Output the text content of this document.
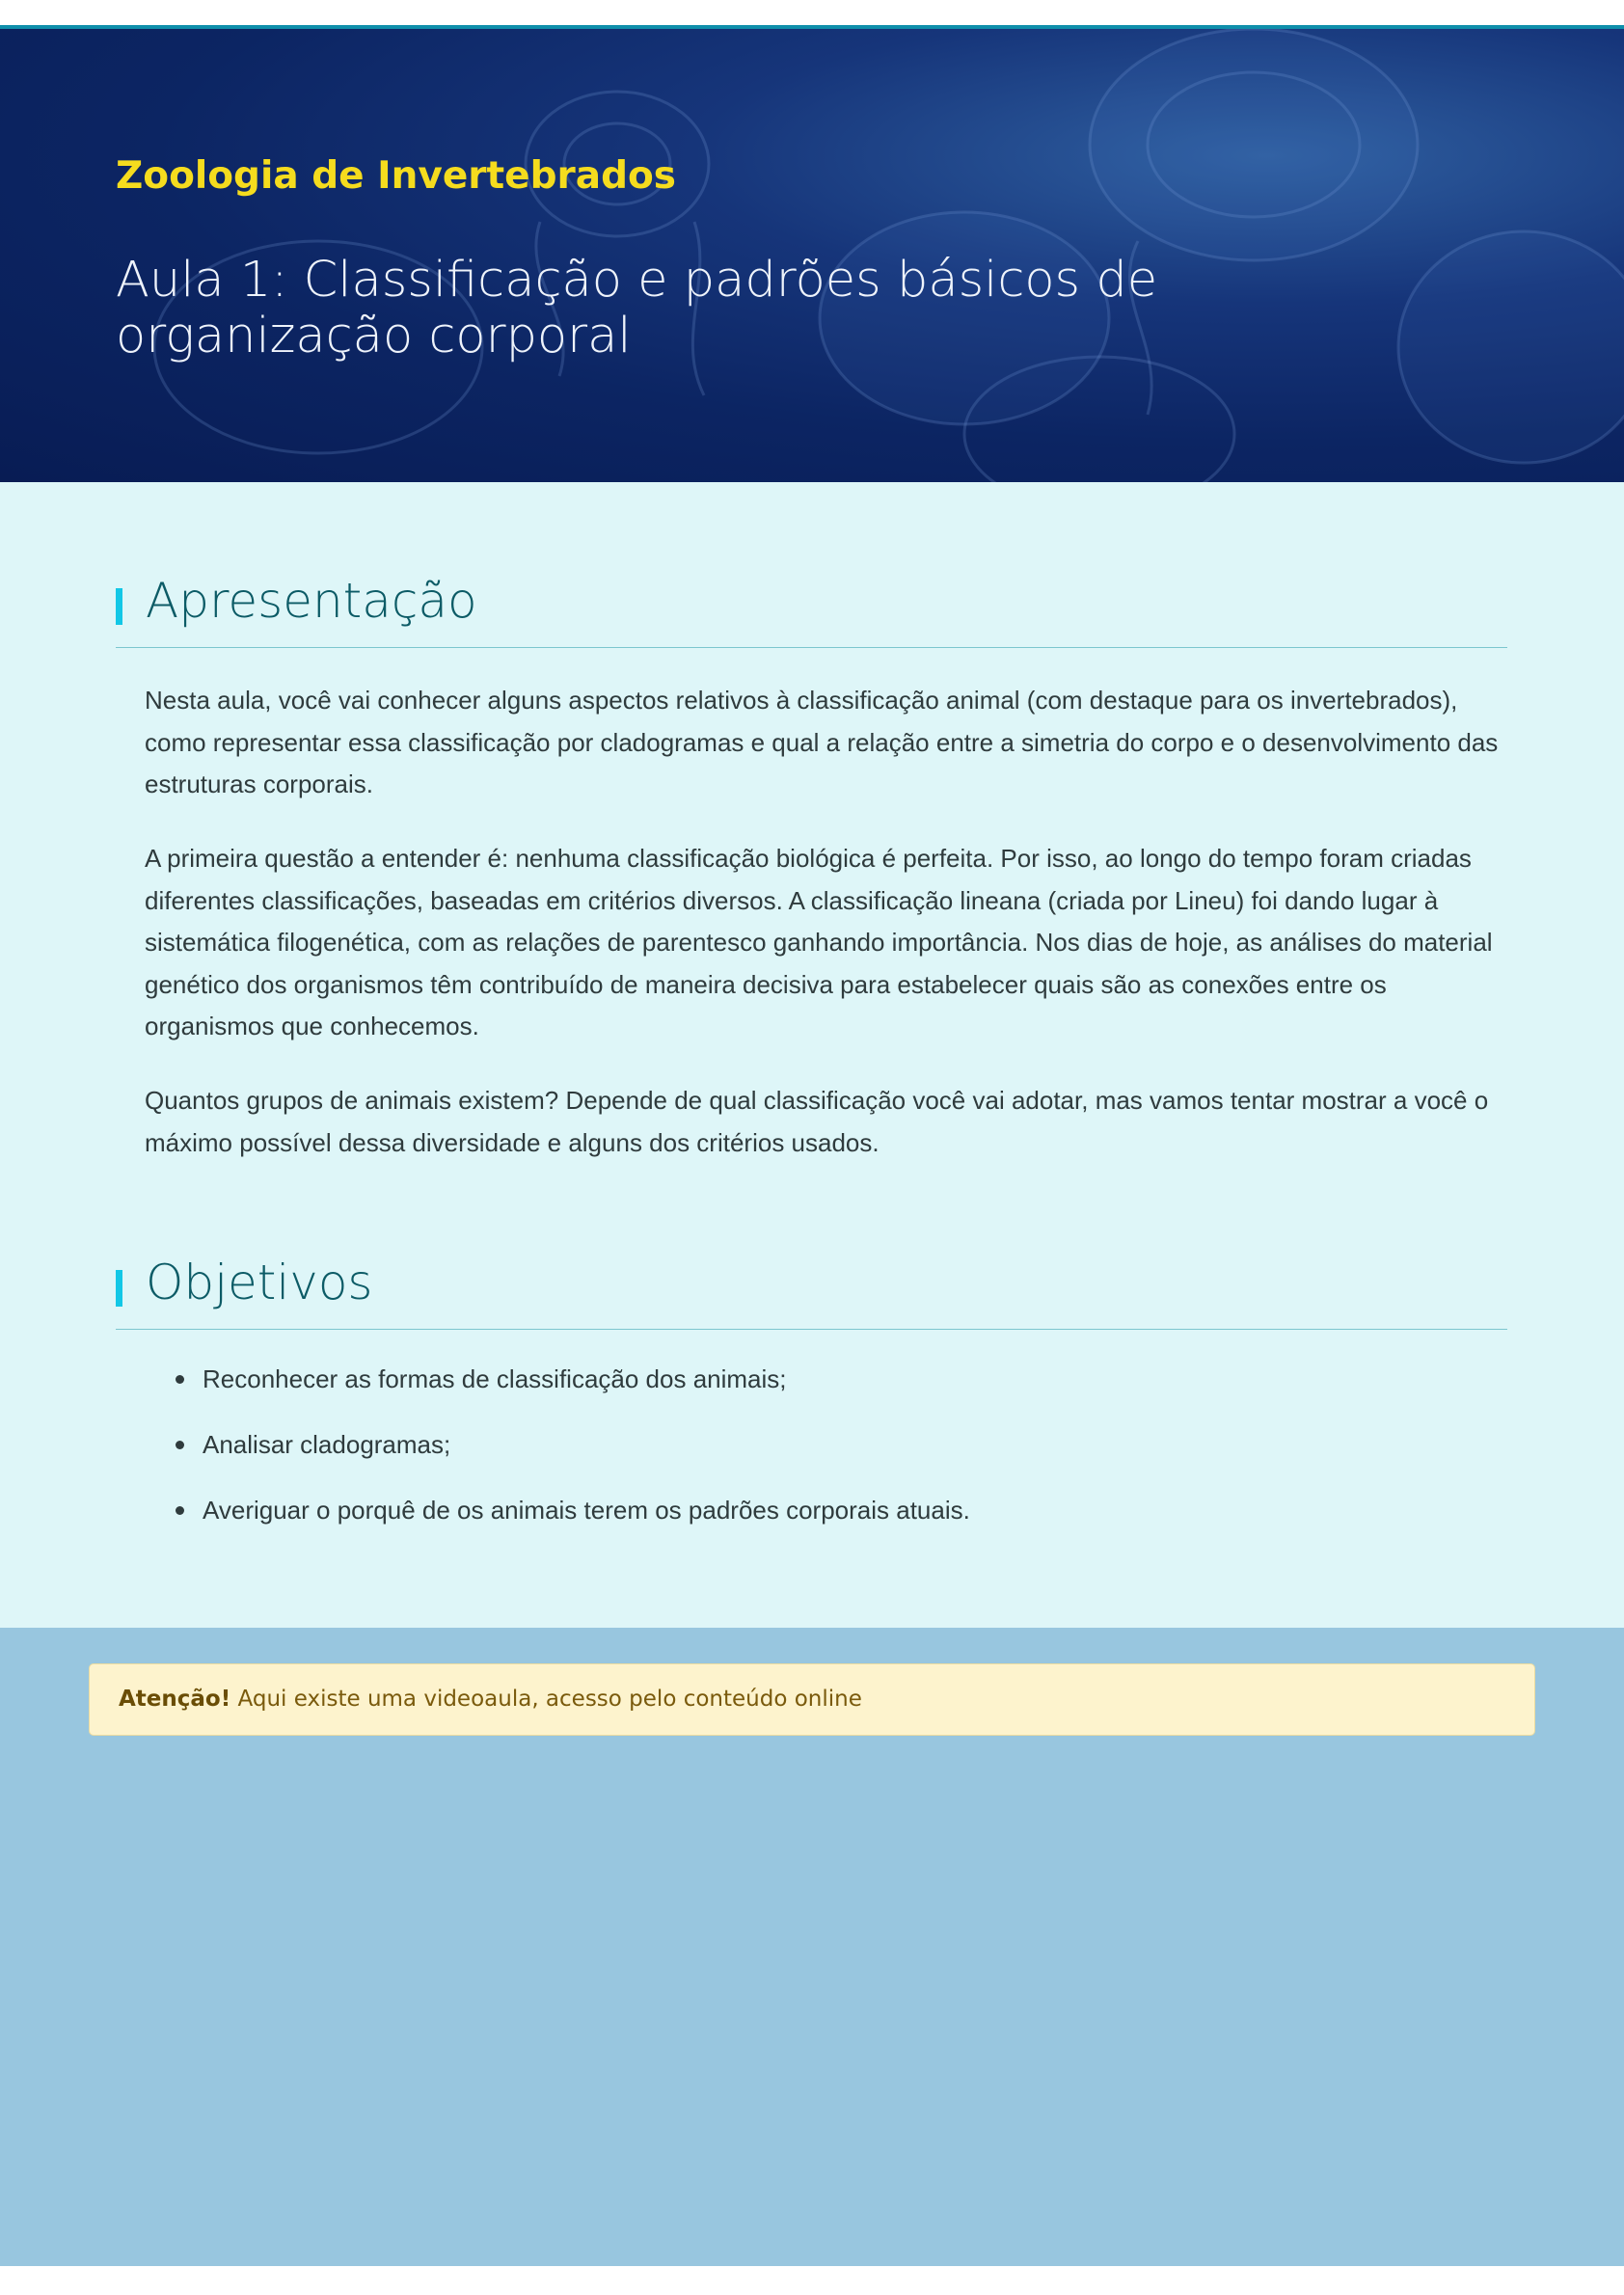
Zoologia de Invertebrados
Aula 1: Classificação e padrões básicos de organização corporal
Apresentação

Nesta aula, você vai conhecer alguns aspectos relativos à classificação animal (com destaque para os invertebrados), como representar essa classificação por cladogramas e qual a relação entre a simetria do corpo e o desenvolvimento das estruturas corporais.

A primeira questão a entender é: nenhuma classificação biológica é perfeita. Por isso, ao longo do tempo foram criadas diferentes classificações, baseadas em critérios diversos. A classificação lineana (criada por Lineu) foi dando lugar à sistemática filogenética, com as relações de parentesco ganhando importância. Nos dias de hoje, as análises do material genético dos organismos têm contribuído de maneira decisiva para estabelecer quais são as conexões entre os organismos que conhecemos.

Quantos grupos de animais existem? Depende de qual classificação você vai adotar, mas vamos tentar mostrar a você o máximo possível dessa diversidade e alguns dos critérios usados.

Objetivos
Reconhecer as formas de classificação dos animais;
Analisar cladogramas;
Averiguar o porquê de os animais terem os padrões corporais atuais.
Atenção! Aqui existe uma videoaula, acesso pelo conteúdo online
